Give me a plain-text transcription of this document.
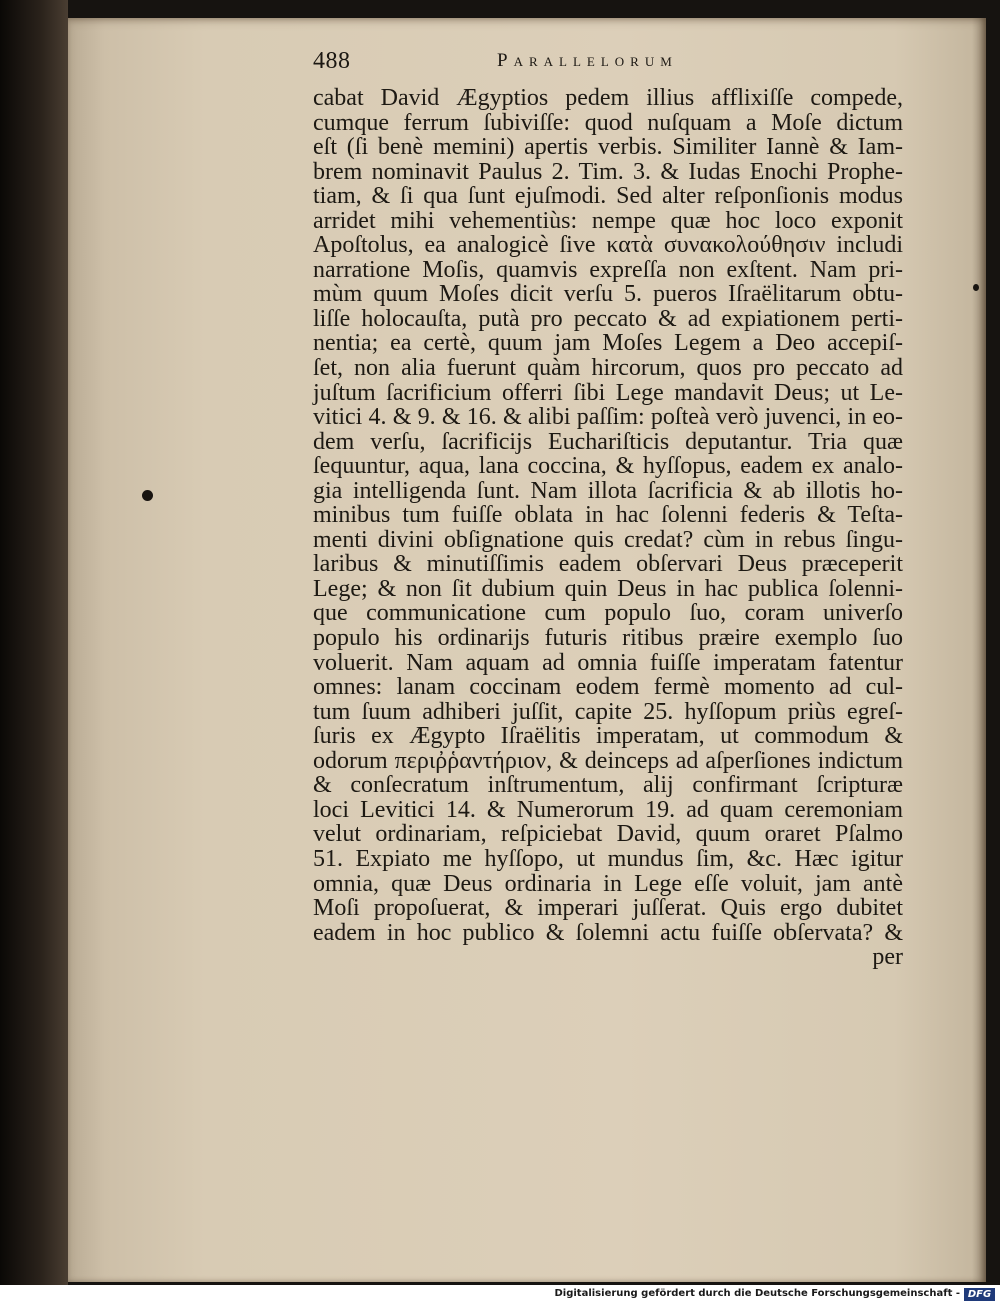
488	Parallelorum
cabat David Ægyptios pedem illius afflixiſſe compede,
cumque ferrum ſubiviſſe: quod nuſquam a Moſe dictum
eſt (ſi benè memini) apertis verbis. Similiter Iannè & Iam-
brem nominavit Paulus 2. Tim. 3. & Iudas Enochi Prophe-
tiam, & ſi qua ſunt ejuſmodi. Sed alter reſponſionis modus
arridet mihi vehementiùs: nempe quæ hoc loco exponit
Apoſtolus, ea analogicè ſive κατὰ συνακολούθησιν includi
narratione Moſis, quamvis expreſſa non exſtent. Nam pri-
mùm quum Moſes dicit verſu 5. pueros Iſraëlitarum obtu-
liſſe holocauſta, putà pro peccato & ad expiationem perti-
nentia; ea certè, quum jam Moſes Legem a Deo accepiſ-
ſet, non alia fuerunt quàm hircorum, quos pro peccato ad
juſtum ſacrificium offerri ſibi Lege mandavit Deus; ut Le-
vitici 4. & 9. & 16. & alibi paſſim: poſteà verò juvenci, in eo-
dem verſu, ſacrificijs Euchariſticis deputantur. Tria quæ
ſequuntur, aqua, lana coccina, & hyſſopus, eadem ex analo-
gia intelligenda ſunt. Nam illota ſacrificia & ab illotis ho-
minibus tum fuiſſe oblata in hac ſolenni federis & Teſta-
menti divini obſignatione quis credat? cùm in rebus ſingu-
laribus & minutiſſimis eadem obſervari Deus præceperit
Lege; & non ſit dubium quin Deus in hac publica ſolenni-
que communicatione cum populo ſuo, coram univerſo
populo his ordinarijs futuris ritibus præire exemplo ſuo
voluerit. Nam aquam ad omnia fuiſſe imperatam fatentur
omnes: lanam coccinam eodem fermè momento ad cul-
tum ſuum adhiberi juſſit, capite 25. hyſſopum priùs egreſ-
ſuris ex Ægypto Iſraëlitis imperatam, ut commodum &
odorum περιῤῥαντήριον, & deinceps ad aſperſiones indictum
& conſecratum inſtrumentum, alij confirmant ſcripturæ
loci Levitici 14. & Numerorum 19. ad quam ceremoniam
velut ordinariam, reſpiciebat David, quum oraret Pſalmo
51. Expiato me hyſſopo, ut mundus ſim, &c. Hæc igitur
omnia, quæ Deus ordinaria in Lege eſſe voluit, jam antè
Moſi propoſuerat, & imperari juſſerat. Quis ergo dubitet
eadem in hoc publico & ſolemni actu fuiſſe obſervata? &
per
Digitalisierung gefördert durch die Deutsche Forschungsgemeinschaft - DFG
